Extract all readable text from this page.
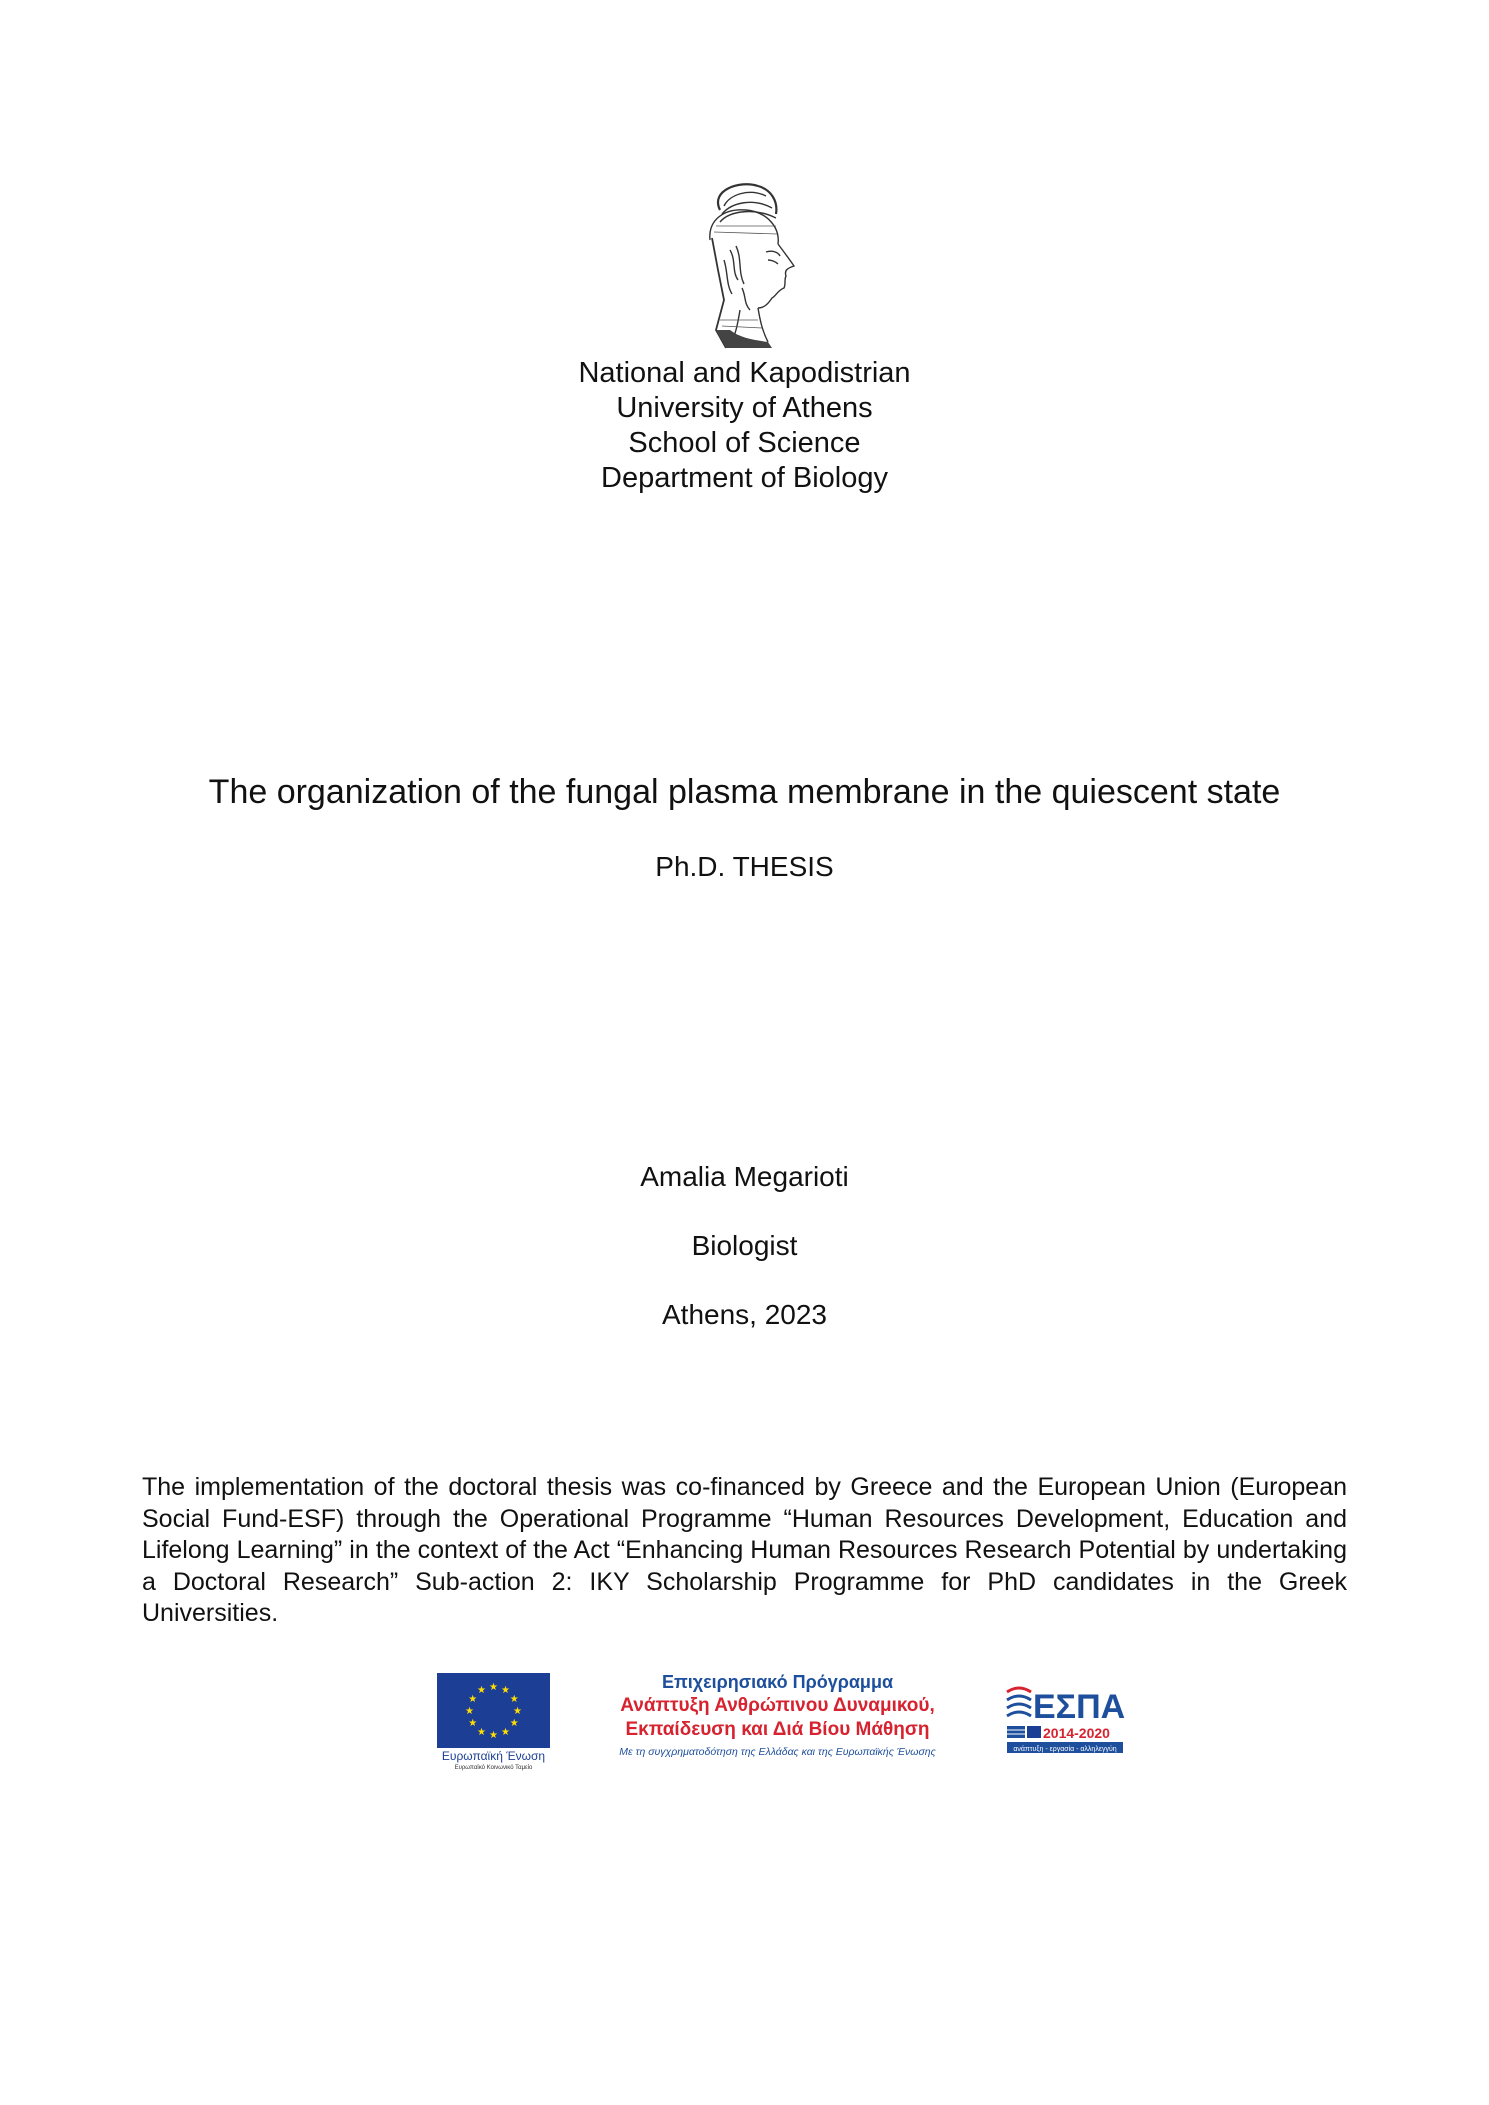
National and Kapodistrian
University of Athens
School of Science
Department of Biology
The organization of the fungal plasma membrane in the quiescent state
Ph.D. THESIS
Amalia Megarioti
Biologist
Athens, 2023
The implementation of the doctoral thesis was co-financed by Greece and the European Union (European Social Fund-ESF) through the Operational Programme “Human Resources Development, Education and Lifelong Learning” in the context of the Act “Enhancing Human Resources Research Potential by undertaking a Doctoral Research” Sub-action 2: IKY Scholarship Programme for PhD candidates in the Greek Universities.
★ ★
★
★
★
★
★
★
★
★
★
★
Ευρωπαϊκή Ένωση
Ευρωπαϊκό Κοινωνικό Ταμείο
Επιχειρησιακό Πρόγραμμα
Ανάπτυξη Ανθρώπινου Δυναμικού,
Εκπαίδευση και Διά Βίου Μάθηση
Με τη συγχρηματοδότηση της Ελλάδας και της Ευρωπαϊκής Ένωσης
ΕΣΠΑ
2014-2020
ανάπτυξη - εργασία - αλληλεγγύη
